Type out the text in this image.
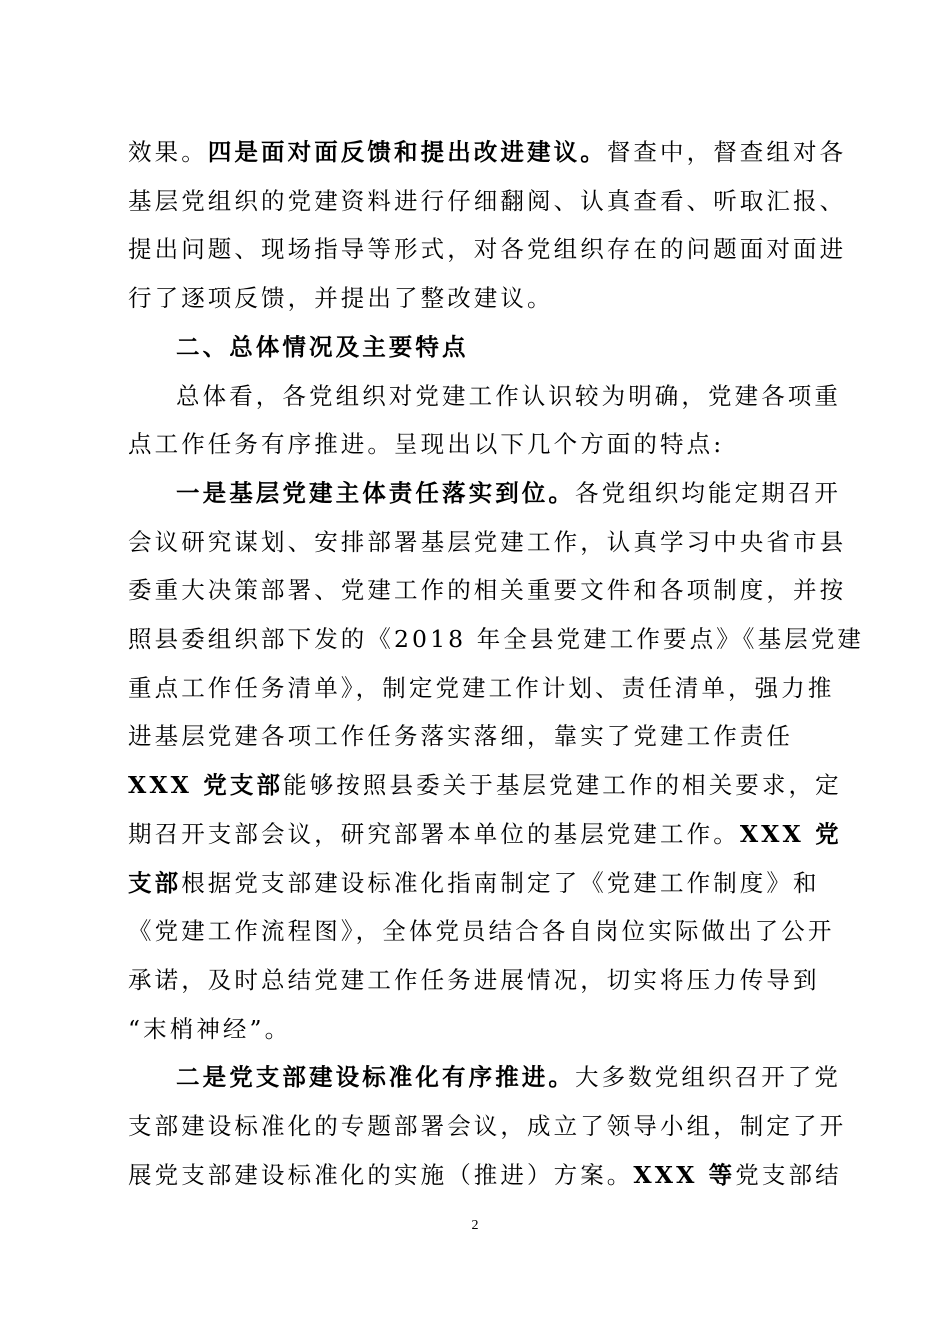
效果。四是面对面反馈和提出改进建议。督查中，督查组对各
基层党组织的党建资料进行仔细翻阅、认真查看、听取汇报、
提出问题、现场指导等形式，对各党组织存在的问题面对面进
行了逐项反馈，并提出了整改建议。
二、总体情况及主要特点
总体看，各党组织对党建工作认识较为明确，党建各项重
点工作任务有序推进。呈现出以下几个方面的特点:
一是基层党建主体责任落实到位。各党组织均能定期召开
会议研究谋划、安排部署基层党建工作，认真学习中央省市县
委重大决策部署、党建工作的相关重要文件和各项制度，并按
照县委组织部下发的《2018 年全县党建工作要点》《基层党建
重点工作任务清单》，制定党建工作计划、责任清单，强力推
进基层党建各项工作任务落实落细，靠实了党建工作责任
XXX 党支部能够按照县委关于基层党建工作的相关要求，定
期召开支部会议，研究部署本单位的基层党建工作。XXX 党
支部根据党支部建设标准化指南制定了《党建工作制度》和
《党建工作流程图》，全体党员结合各自岗位实际做出了公开
承诺，及时总结党建工作任务进展情况，切实将压力传导到
“末梢神经”。
二是党支部建设标准化有序推进。大多数党组织召开了党
支部建设标准化的专题部署会议，成立了领导小组，制定了开
展党支部建设标准化的实施（推进）方案。XXX 等党支部结
2
